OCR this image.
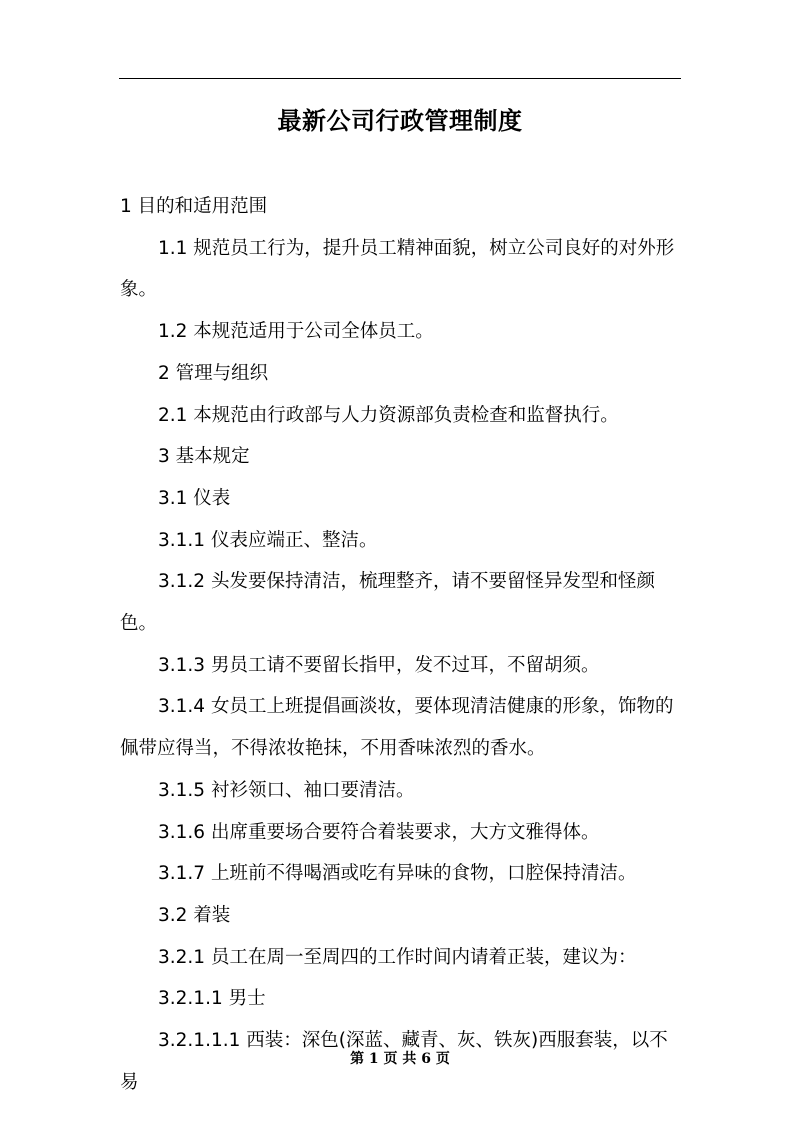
最新公司行政管理制度

1 目的和适用范围

1.1 规范员工行为，提升员工精神面貌，树立公司良好的对外形象。

1.2 本规范适用于公司全体员工。

2 管理与组织

2.1 本规范由行政部与人力资源部负责检查和监督执行。

3 基本规定

3.1 仪表

3.1.1 仪表应端正、整洁。

3.1.2 头发要保持清洁，梳理整齐，请不要留怪异发型和怪颜色。

3.1.3 男员工请不要留长指甲，发不过耳，不留胡须。

3.1.4 女员工上班提倡画淡妆，要体现清洁健康的形象，饰物的佩带应得当，不得浓妆艳抹，不用香味浓烈的香水。

3.1.5 衬衫领口、袖口要清洁。

3.1.6 出席重要场合要符合着装要求，大方文雅得体。

3.1.7 上班前不得喝酒或吃有异味的食物，口腔保持清洁。

3.2 着装

3.2.1 员工在周一至周四的工作时间内请着正装，建议为：

3.2.1.1 男士

3.2.1.1.1 西装：深色(深蓝、藏青、灰、铁灰)西服套装，以不易

第 1 页 共 6 页
